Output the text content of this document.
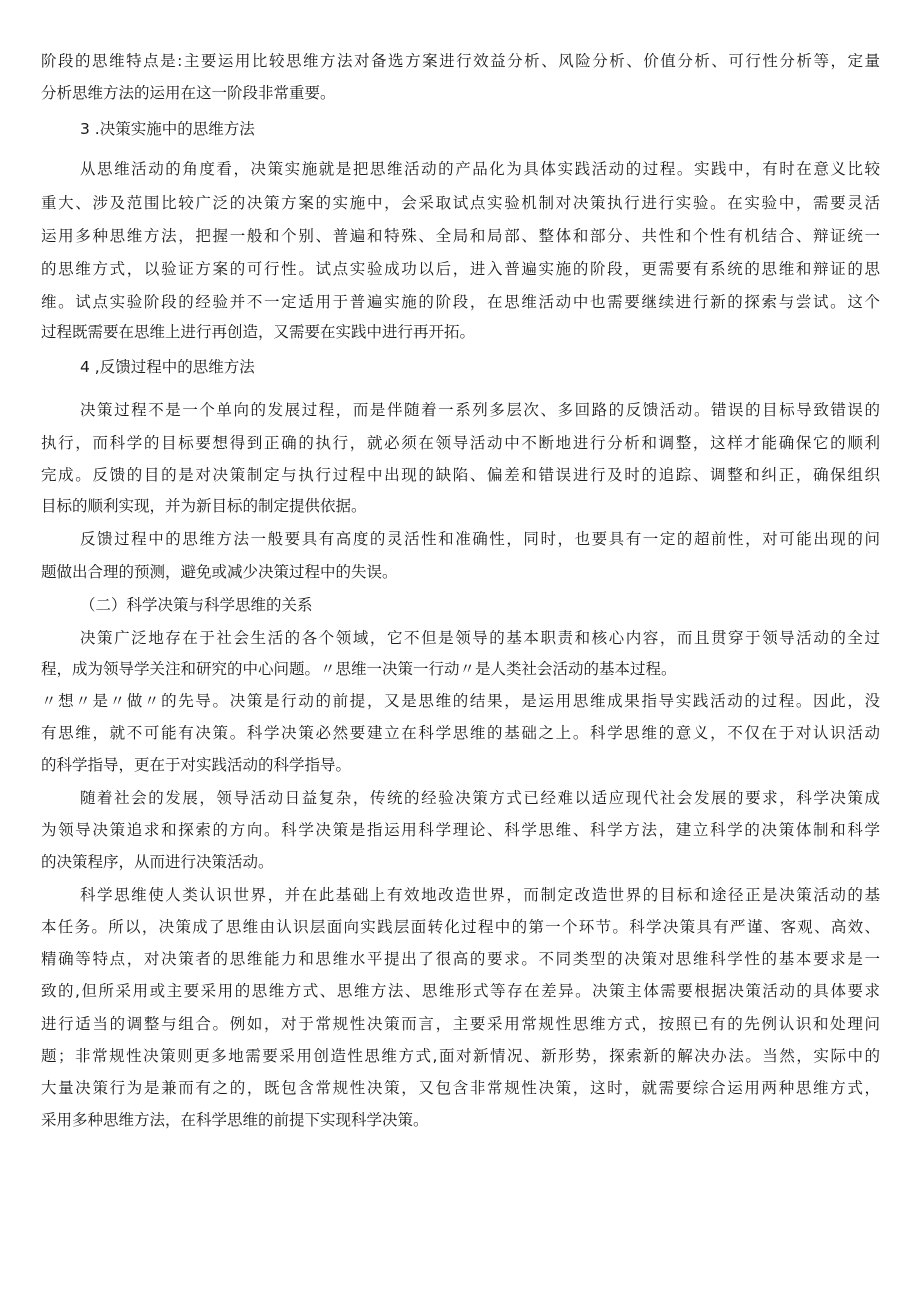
阶段的思维特点是:主要运用比较思维方法对备选方案进行效益分析、风险分析、价值分析、可行性分析等，定量
分析思维方法的运用在这一阶段非常重要。
3 .决策实施中的思维方法
从思维活动的角度看，决策实施就是把思维活动的产品化为具体实践活动的过程。实践中，有时在意义比较
重大、涉及范围比较广泛的决策方案的实施中，会采取试点实验机制对决策执行进行实验。在实验中，需要灵活
运用多种思维方法，把握一般和个别、普遍和特殊、全局和局部、整体和部分、共性和个性有机结合、辩证统一
的思维方式，以验证方案的可行性。试点实验成功以后，进入普遍实施的阶段，更需要有系统的思维和辩证的思
维。试点实验阶段的经验并不一定适用于普遍实施的阶段，在思维活动中也需要继续进行新的探索与尝试。这个
过程既需要在思维上进行再创造，又需要在实践中进行再开拓。
4 ,反馈过程中的思维方法
决策过程不是一个单向的发展过程，而是伴随着一系列多层次、多回路的反馈活动。错误的目标导致错误的
执行，而科学的目标要想得到正确的执行，就必须在领导活动中不断地进行分析和调整，这样才能确保它的顺利
完成。反馈的目的是对决策制定与执行过程中出现的缺陷、偏差和错误进行及时的追踪、调整和纠正，确保组织
目标的顺利实现，并为新目标的制定提供依据。
反馈过程中的思维方法一般要具有高度的灵活性和准确性，同时，也要具有一定的超前性，对可能出现的问
题做出合理的预测，避免或减少决策过程中的失误。
（二）科学决策与科学思维的关系
决策广泛地存在于社会生活的各个领域，它不但是领导的基本职责和核心内容，而且贯穿于领导活动的全过
程，成为领导学关注和研究的中心问题。〃思维一决策一行动〃是人类社会活动的基本过程。
〃想〃是〃做〃的先导。决策是行动的前提，又是思维的结果，是运用思维成果指导实践活动的过程。因此，没
有思维，就不可能有决策。科学决策必然要建立在科学思维的基础之上。科学思维的意义，不仅在于对认识活动
的科学指导，更在于对实践活动的科学指导。
随着社会的发展，领导活动日益复杂，传统的经验决策方式已经难以适应现代社会发展的要求，科学决策成
为领导决策追求和探索的方向。科学决策是指运用科学理论、科学思维、科学方法，建立科学的决策体制和科学
的决策程序，从而进行决策活动。
科学思维使人类认识世界，并在此基础上有效地改造世界，而制定改造世界的目标和途径正是决策活动的基
本任务。所以，决策成了思维由认识层面向实践层面转化过程中的第一个环节。科学决策具有严谨、客观、高效、
精确等特点，对决策者的思维能力和思维水平提出了很高的要求。不同类型的决策对思维科学性的基本要求是一
致的,但所采用或主要采用的思维方式、思维方法、思维形式等存在差异。决策主体需要根据决策活动的具体要求
进行适当的调整与组合。例如，对于常规性决策而言，主要采用常规性思维方式，按照已有的先例认识和处理问
题；非常规性决策则更多地需要采用创造性思维方式,面对新情况、新形势，探索新的解决办法。当然，实际中的
大量决策行为是兼而有之的，既包含常规性决策，又包含非常规性决策，这时，就需要综合运用两种思维方式，
采用多种思维方法，在科学思维的前提下实现科学决策。
